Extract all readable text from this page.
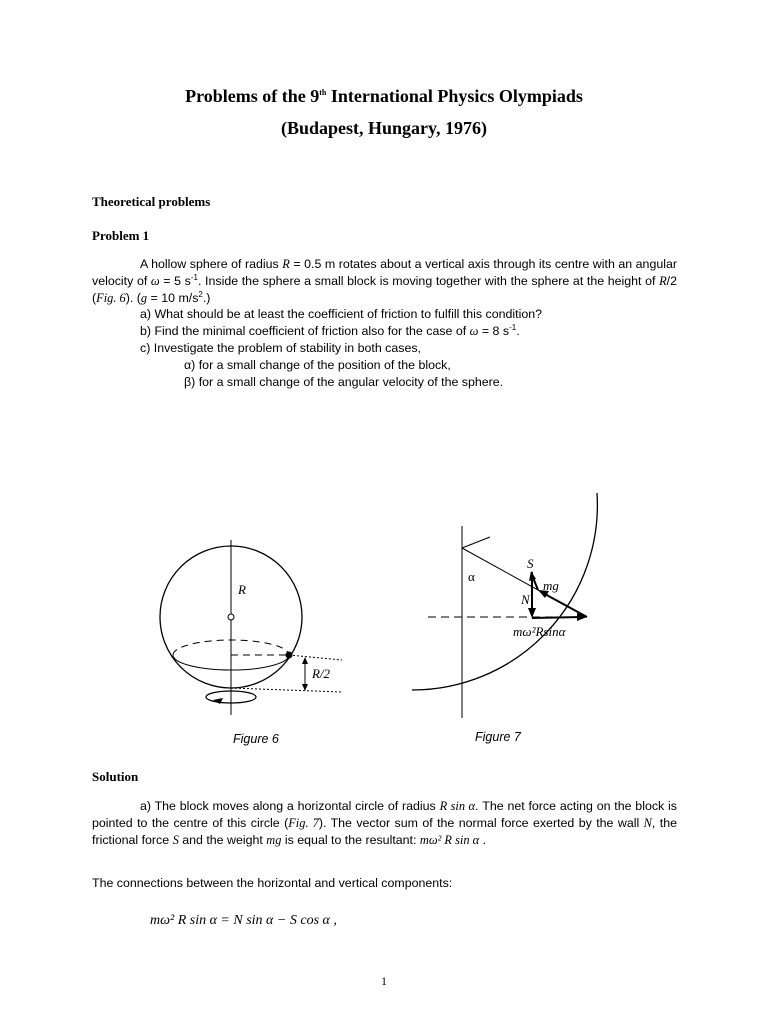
Problems of the 9th International Physics Olympiads
(Budapest, Hungary, 1976)
Theoretical problems
Problem 1
A hollow sphere of radius R = 0.5 m rotates about a vertical axis through its centre with an angular velocity of ω = 5 $s^{-1}$. Inside the sphere a small block is moving together with the sphere at the height of R/2 (Fig. 6). (g = 10 $m/s^2$.)
a) What should be at least the coefficient of friction to fulfill this condition?
b) Find the minimal coefficient of friction also for the case of ω = 8 $s^{-1}$.
c) Investigate the problem of stability in both cases,
α) for a small change of the position of the block,
β) for a small change of the angular velocity of the sphere.
R
R/2
Figure 6
S
α
mg
N
mω²Rsinα
Figure 7
Solution
a) The block moves along a horizontal circle of radius R sin α. The net force acting on the block is pointed to the centre of this circle (Fig. 7). The vector sum of the normal force exerted by the wall N, the frictional force S and the weight mg is equal to the resultant: mω² R sin α .
The connections between the horizontal and vertical components:
mω² R sin α = N sin α − S cos α ,
1
